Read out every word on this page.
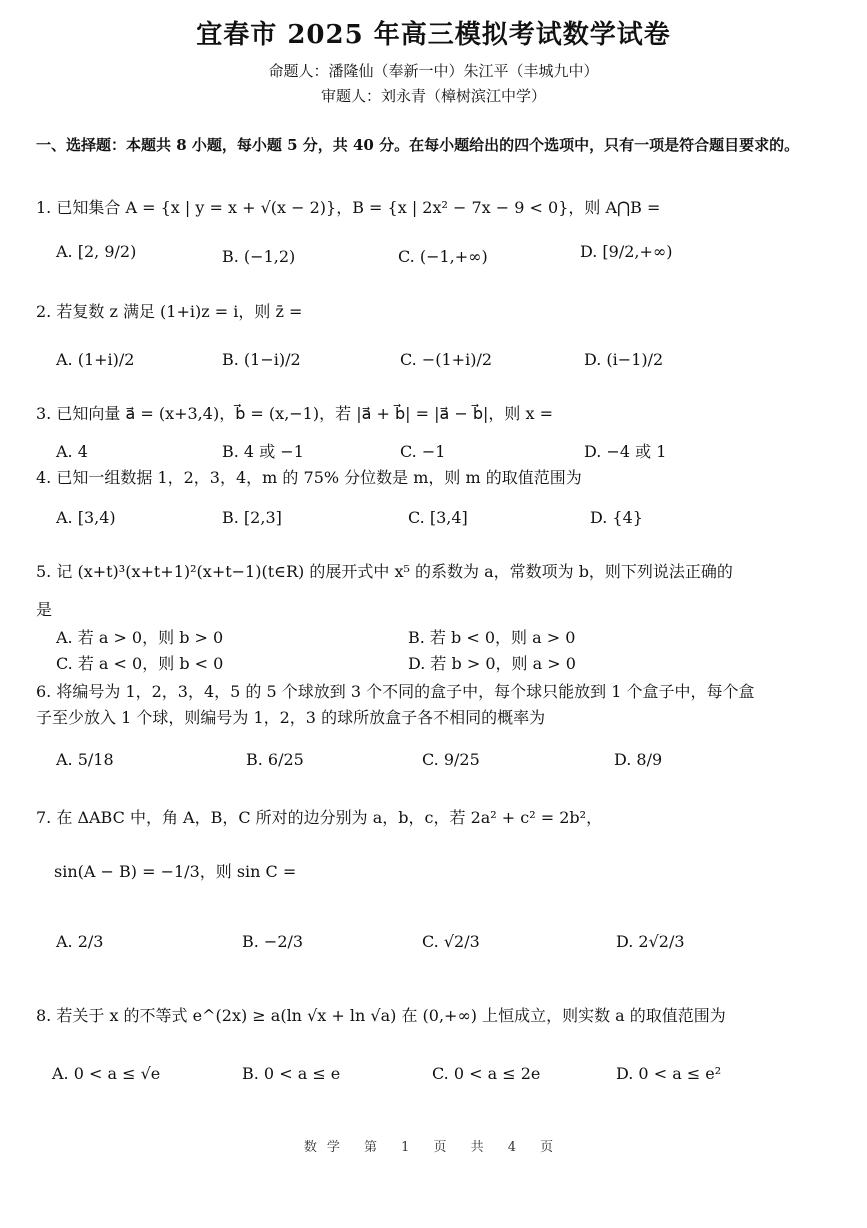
宜春市 2025 年高三模拟考试数学试卷
命题人：潘隆仙（奉新一中）朱江平（丰城九中）
审题人：刘永青（樟树滨江中学）
一、选择题：本题共 8 小题，每小题 5 分，共 40 分。在每小题给出的四个选项中，只有一项是符合题目要求的。
1. 已知集合 A = {x | y = x + √(x − 2)}，B = {x | 2x² − 7x − 9 < 0}，则 A⋂B =
A. [2, 9/2)	B. (−1,2)	C. (−1,+∞)	D. [9/2,+∞)
2. 若复数 z 满足 (1+i)z = i，则 z̄ =
A. (1+i)/2	B. (1−i)/2	C. −(1+i)/2	D. (i−1)/2
3. 已知向量 a⃗ = (x+3,4)，b⃗ = (x,−1)，若 |a⃗ + b⃗| = |a⃗ − b⃗|，则 x =
A. 4	B. 4 或 −1	C. −1	D. −4 或 1
4. 已知一组数据 1，2，3，4，m 的 75% 分位数是 m，则 m 的取值范围为
A. [3,4)	B. [2,3]	C. [3,4]	D. {4}
5. 记 (x+t)³(x+t+1)²(x+t−1)(t∈R) 的展开式中 x⁵ 的系数为 a，常数项为 b，则下列说法正确的
是
A. 若 a > 0，则 b > 0	B. 若 b < 0，则 a > 0
C. 若 a < 0，则 b < 0	D. 若 b > 0，则 a > 0
6. 将编号为 1，2，3，4，5 的 5 个球放到 3 个不同的盒子中，每个球只能放到 1 个盒子中，每个盒
子至少放入 1 个球，则编号为 1，2，3 的球所放盒子各不相同的概率为
A. 5/18	B. 6/25	C. 9/25	D. 8/9
7. 在 ΔABC 中，角 A，B，C 所对的边分别为 a，b，c，若 2a² + c² = 2b²，
sin(A − B) = −1/3，则 sin C =
A. 2/3	B. −2/3	C. √2/3	D. 2√2/3
8. 若关于 x 的不等式 e^(2x) ≥ a(ln √x + ln √a) 在 (0,+∞) 上恒成立，则实数 a 的取值范围为
A. 0 < a ≤ √e	B. 0 < a ≤ e	C. 0 < a ≤ 2e	D. 0 < a ≤ e²
数学 第 1 页 共 4 页
